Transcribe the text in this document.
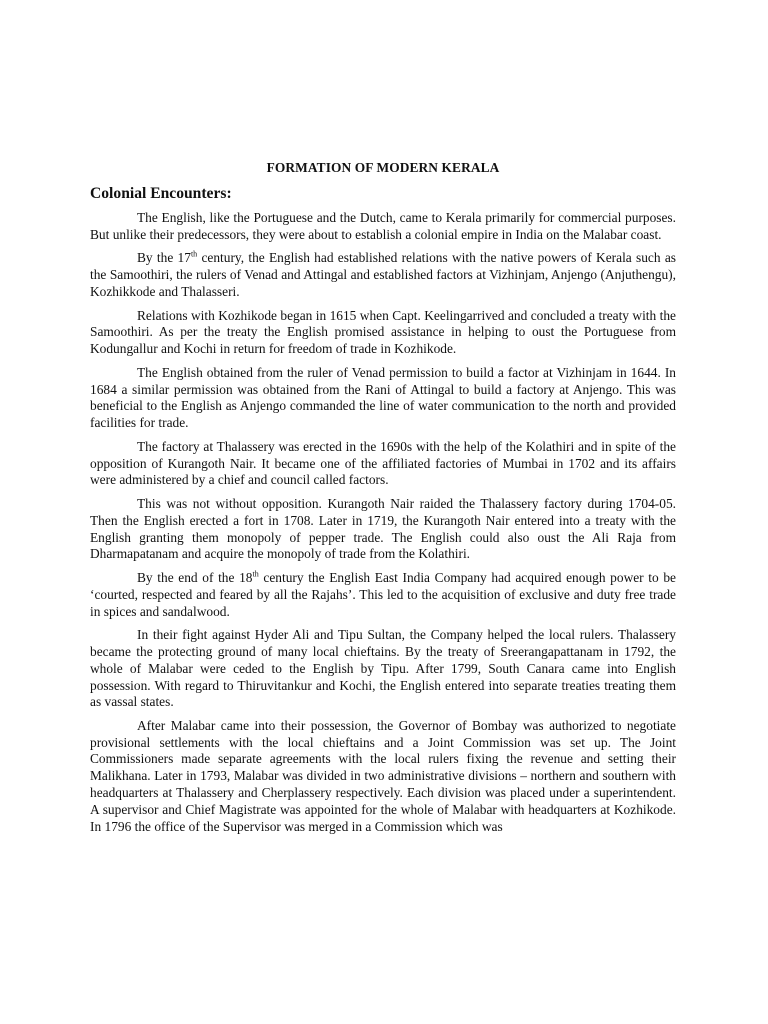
FORMATION OF MODERN KERALA
Colonial Encounters:

The English, like the Portuguese and the Dutch, came to Kerala primarily for commercial purposes. But unlike their predecessors, they were about to establish a colonial empire in India on the Malabar coast.

By the 17th century, the English had established relations with the native powers of Kerala such as the Samoothiri, the rulers of Venad and Attingal and established factors at Vizhinjam, Anjengo (Anjuthengu), Kozhikkode and Thalasseri.

Relations with Kozhikode began in 1615 when Capt. Keelingarrived and concluded a treaty with the Samoothiri. As per the treaty the English promised assistance in helping to oust the Portuguese from Kodungallur and Kochi in return for freedom of trade in Kozhikode.

The English obtained from the ruler of Venad permission to build a factor at Vizhinjam in 1644. In 1684 a similar permission was obtained from the Rani of Attingal to build a factory at Anjengo. This was beneficial to the English as Anjengo commanded the line of water communication to the north and provided facilities for trade.

The factory at Thalassery was erected in the 1690s with the help of the Kolathiri and in spite of the opposition of Kurangoth Nair. It became one of the affiliated factories of Mumbai in 1702 and its affairs were administered by a chief and council called factors.

This was not without opposition. Kurangoth Nair raided the Thalassery factory during 1704-05. Then the English erected a fort in 1708. Later in 1719, the Kurangoth Nair entered into a treaty with the English granting them monopoly of pepper trade. The English could also oust the Ali Raja from Dharmapatanam and acquire the monopoly of trade from the Kolathiri.

By the end of the 18th century the English East India Company had acquired enough power to be ‘courted, respected and feared by all the Rajahs’. This led to the acquisition of exclusive and duty free trade in spices and sandalwood.

In their fight against Hyder Ali and Tipu Sultan, the Company helped the local rulers. Thalassery became the protecting ground of many local chieftains. By the treaty of Sreerangapattanam in 1792, the whole of Malabar were ceded to the English by Tipu. After 1799, South Canara came into English possession. With regard to Thiruvitankur and Kochi, the English entered into separate treaties treating them as vassal states.

After Malabar came into their possession, the Governor of Bombay was authorized to negotiate provisional settlements with the local chieftains and a Joint Commission was set up. The Joint Commissioners made separate agreements with the local rulers fixing the revenue and setting their Malikhana. Later in 1793, Malabar was divided in two administrative divisions – northern and southern with headquarters at Thalassery and Cherplassery respectively. Each division was placed under a superintendent. A supervisor and Chief Magistrate was appointed for the whole of Malabar with headquarters at Kozhikode. In 1796 the office of the Supervisor was merged in a Commission which was
